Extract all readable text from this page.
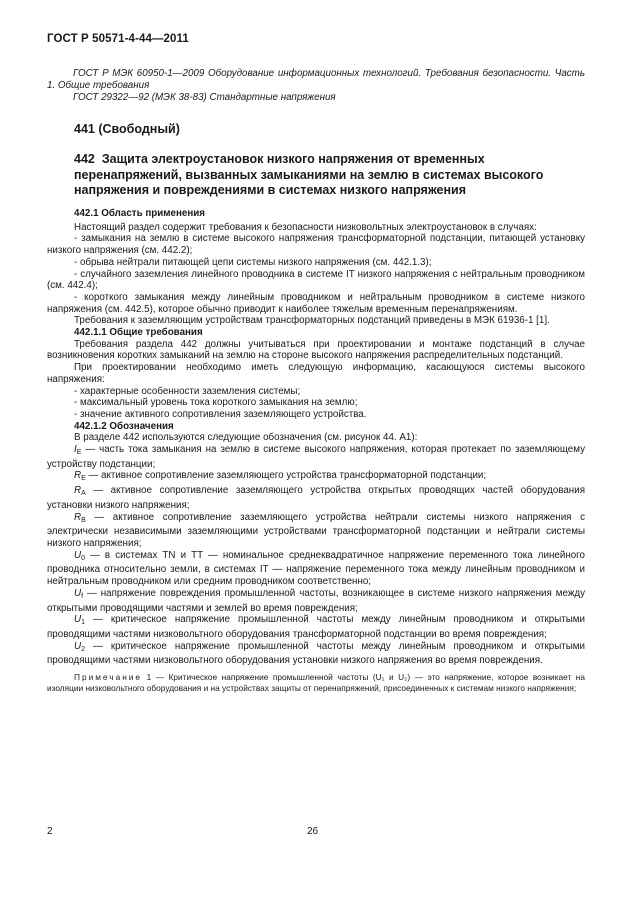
ГОСТ Р 50571-4-44—2011
ГОСТ Р МЭК 60950-1—2009 Оборудование информационных технологий. Требования безопасности. Часть 1. Общие требования
ГОСТ 29322—92 (МЭК 38-83) Стандартные напряжения
441 (Свободный)
442 Защита электроустановок низкого напряжения от временных перенапряжений, вызванных замыканиями на землю в системах высокого напряжения и повреждениями в системах низкого напряжения
442.1 Область применения

Настоящий раздел содержит требования к безопасности низковольтных электроустановок в случаях:

- замыкания на землю в системе высокого напряжения трансформаторной подстанции, питающей установку низкого напряжения (см. 442.2);

- обрыва нейтрали питающей цепи системы низкого напряжения (см. 442.1.3);

- случайного заземления линейного проводника в системе IT низкого напряжения с нейтральным проводником (см. 442.4);

- короткого замыкания между линейным проводником и нейтральным проводником в системе низкого напряжения (см. 442.5), которое обычно приводит к наиболее тяжелым временным перенапряжениям.

Требования к заземляющим устройствам трансформаторных подстанций приведены в МЭК 61936-1 [1].

442.1.1 Общие требования

Требования раздела 442 должны учитываться при проектировании и монтаже подстанций в случае возникновения коротких замыканий на землю на стороне высокого напряжения распределительных подстанций.

При проектировании необходимо иметь следующую информацию, касающуюся системы высокого напряжения:

- характерные особенности заземления системы;

- максимальный уровень тока короткого замыкания на землю;

- значение активного сопротивления заземляющего устройства.

442.1.2 Обозначения

В разделе 442 используются следующие обозначения (см. рисунок 44. А1):

$I_E$ — часть тока замыкания на землю в системе высокого напряжения, которая протекает по заземляющему устройству подстанции;

$R_E$ — активное сопротивление заземляющего устройства трансформаторной подстанции;

$R_A$ — активное сопротивление заземляющего устройства открытых проводящих частей оборудования установки низкого напряжения;

$R_B$ — активное сопротивление заземляющего устройства нейтрали системы низкого напряжения с электрически независимыми заземляющими устройствами трансформаторной подстанции и нейтрали системы низкого напряжения;

$U_0$ — в системах TN и TT — номинальное среднеквадратичное напряжение переменного тока линейного проводника относительно земли, в системах IT — напряжение переменного тока между линейным проводником и нейтральным проводником или средним проводником соответственно;

$U_f$ — напряжение повреждения промышленной частоты, возникающее в системе низкого напряжения между открытыми проводящими частями и землей во время повреждения;

$U_1$ — критическое напряжение промышленной частоты между линейным проводником и открытыми проводящими частями низковольтного оборудования трансформаторной подстанции во время повреждения;

$U_2$ — критическое напряжение промышленной частоты между линейным проводником и открытыми проводящими частями низковольтного оборудования установки низкого напряжения во время повреждения.

Примечание 1 — Критическое напряжение промышленной частоты (U₁ и U₂) — это напряжение, которое возникает на изоляции низковольтного оборудования и на устройствах защиты от перенапряжений, присоединенных к системам низкого напряжения;

2	26
